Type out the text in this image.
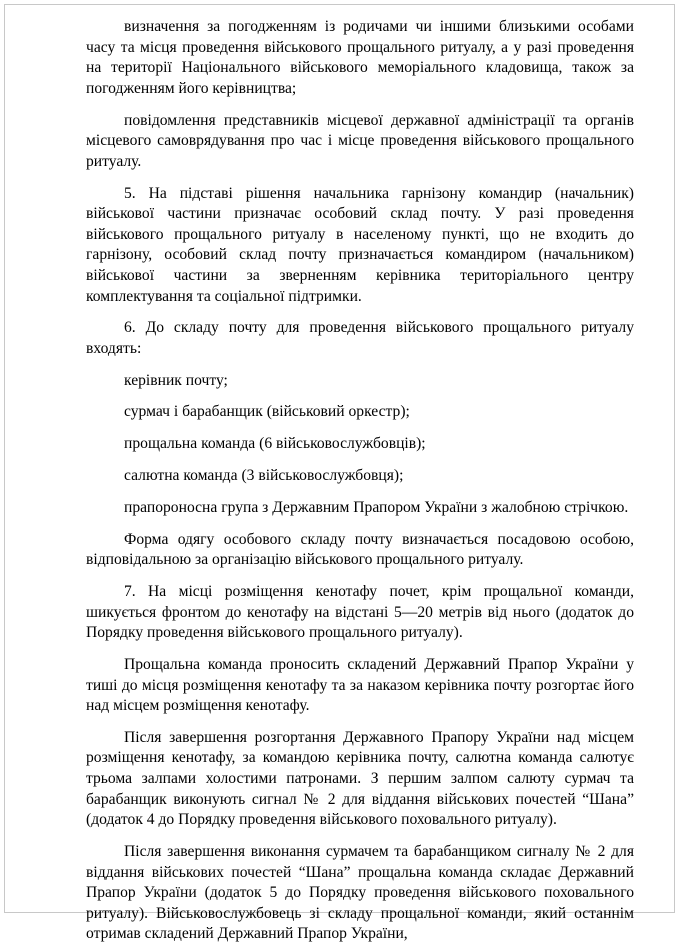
визначення за погодженням із родичами чи іншими близькими особами часу та місця проведення військового прощального ритуалу, а у разі проведення на території Національного військового меморіального кладовища, також за погодженням його керівництва;

повідомлення представників місцевої державної адміністрації та органів місцевого самоврядування про час і місце проведення військового прощального ритуалу.

5. На підставі рішення начальника гарнізону командир (начальник) військової частини призначає особовий склад почту. У разі проведення військового прощального ритуалу в населеному пункті, що не входить до гарнізону, особовий склад почту призначається командиром (начальником) військової частини за зверненням керівника територіального центру комплектування та соціальної підтримки.

6. До складу почту для проведення військового прощального ритуалу входять:

керівник почту;

сурмач і барабанщик (військовий оркестр);

прощальна команда (6 військовослужбовців);

салютна команда (3 військовослужбовця);

прапороносна група з Державним Прапором України з жалобною стрічкою.

Форма одягу особового складу почту визначається посадовою особою, відповідальною за організацію військового прощального ритуалу.

7. На місці розміщення кенотафу почет, крім прощальної команди, шикується фронтом до кенотафу на відстані 5—20 метрів від нього (додаток до Порядку проведення військового прощального ритуалу).

Прощальна команда проносить складений Державний Прапор України у тиші до місця розміщення кенотафу та за наказом керівника почту розгортає його над місцем розміщення кенотафу.

Після завершення розгортання Державного Прапору України над місцем розміщення кенотафу, за командою керівника почту, салютна команда салютує трьома залпами холостими патронами. З першим залпом салюту сурмач та барабанщик виконують сигнал № 2 для віддання військових почестей “Шана” (додаток 4 до Порядку проведення військового поховального ритуалу).

Після завершення виконання сурмачем та барабанщиком сигналу № 2 для віддання військових почестей “Шана” прощальна команда складає Державний Прапор України (додаток 5 до Порядку проведення військового поховального ритуалу). Військовослужбовець зі складу прощальної команди, який останнім отримав складений Державний Прапор України,
